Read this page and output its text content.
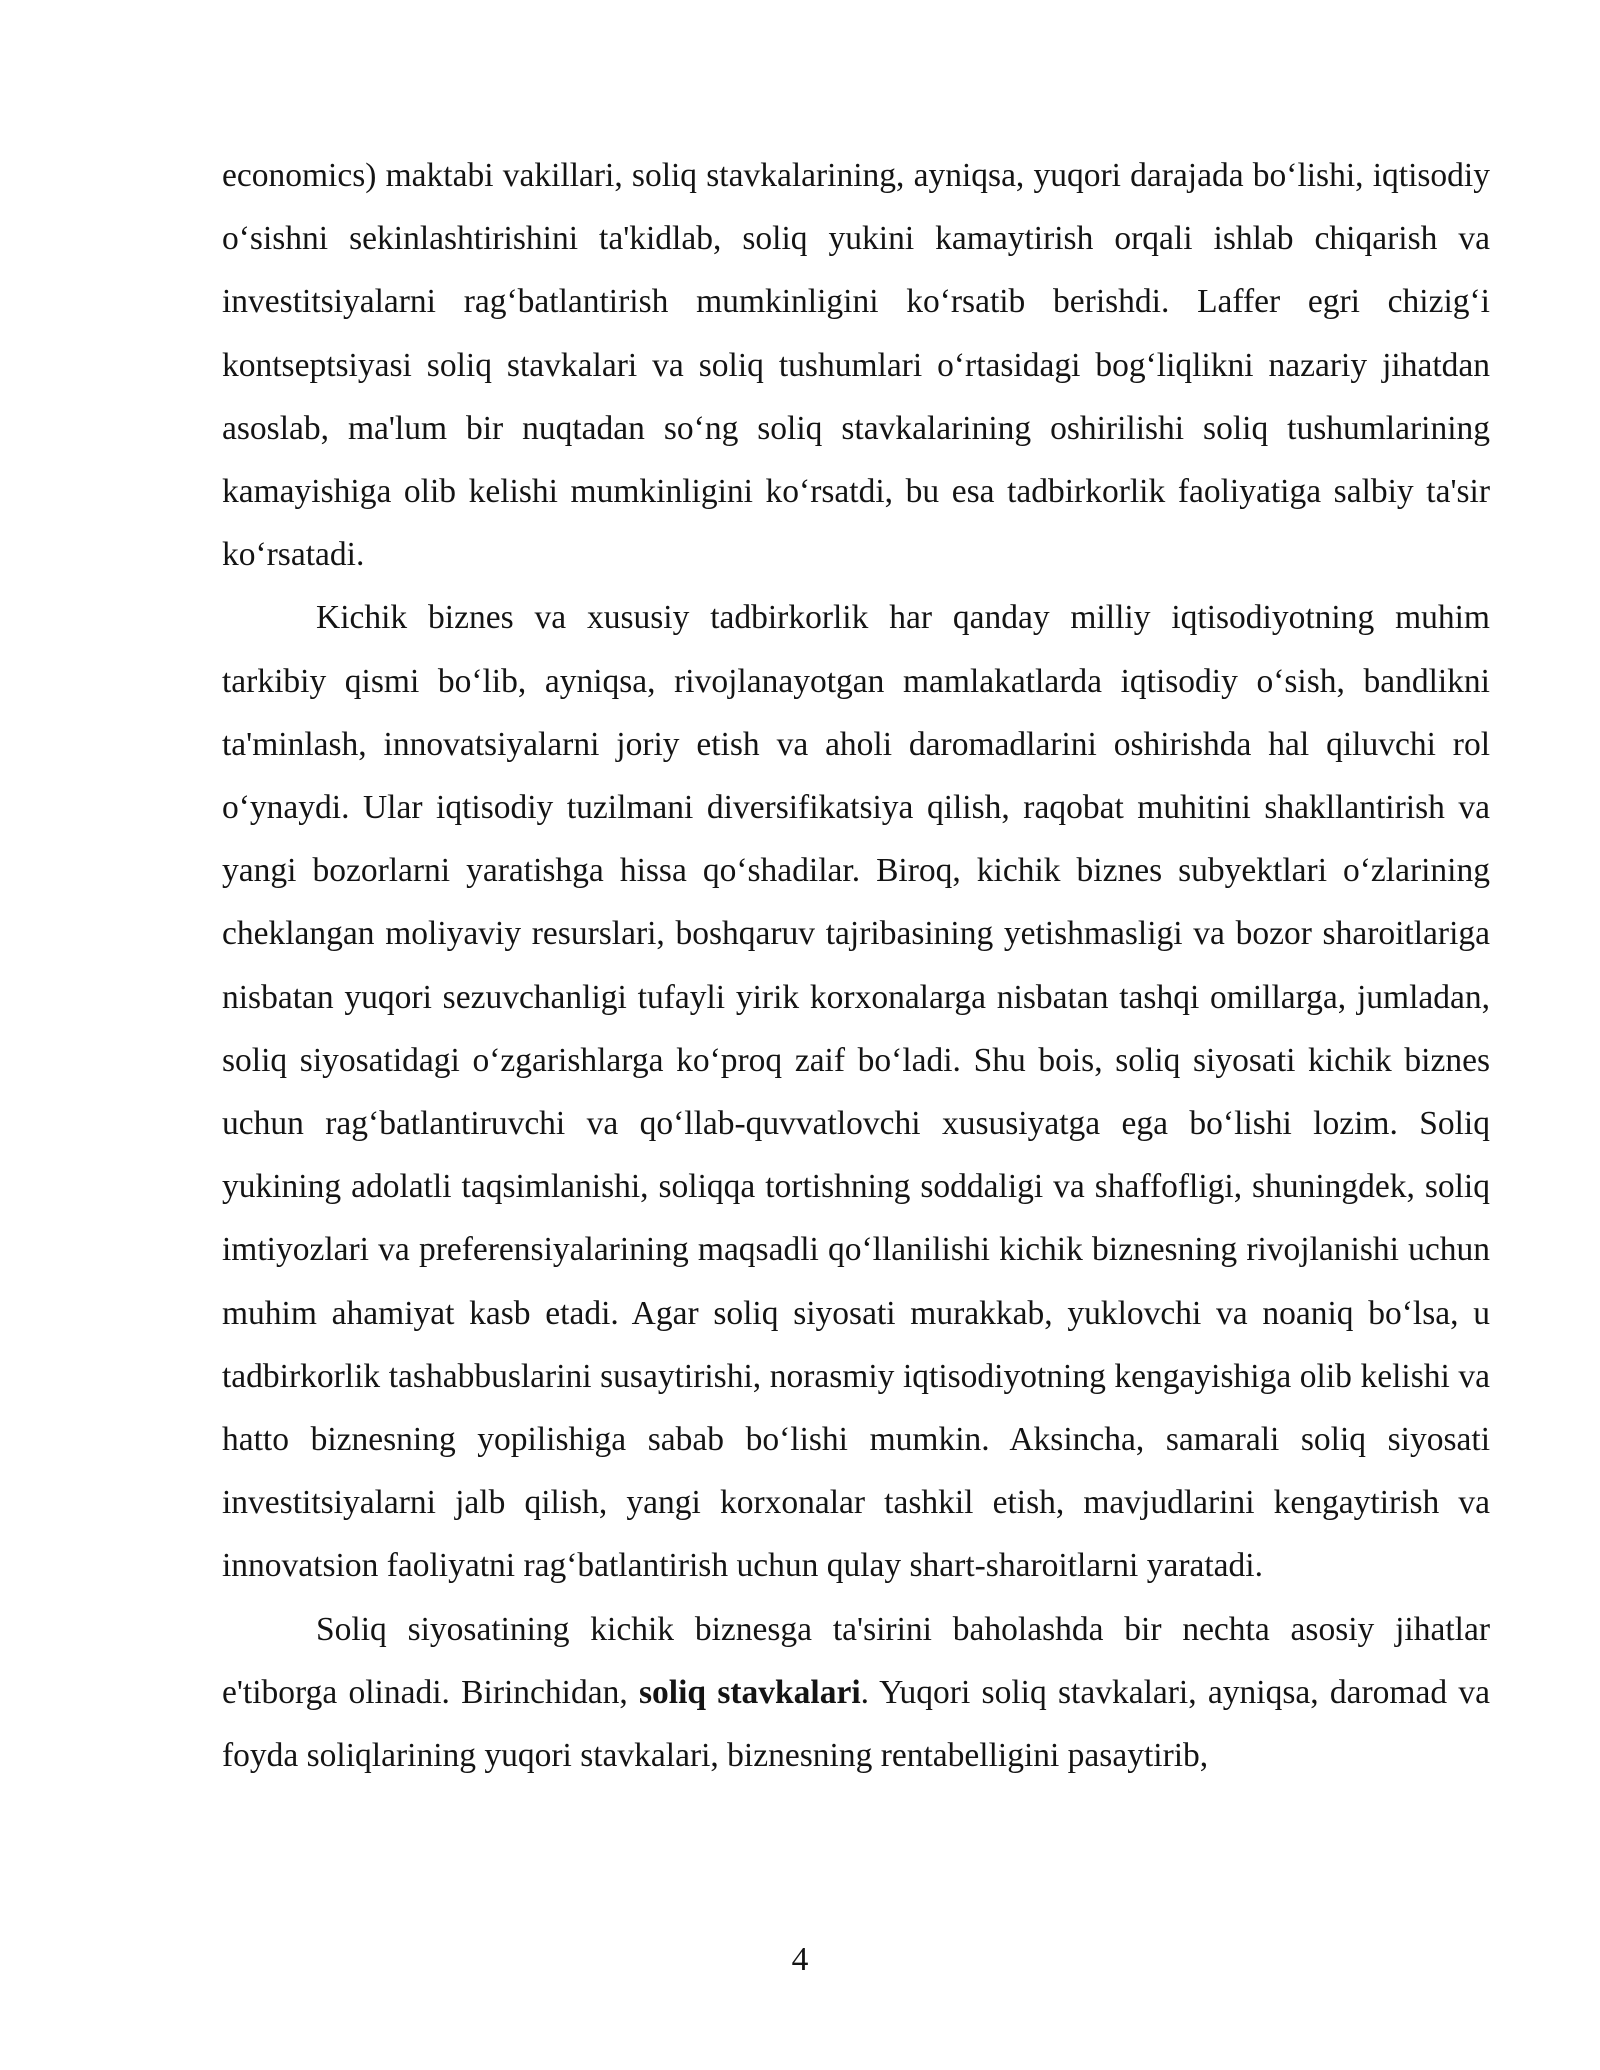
economics) maktabi vakillari, soliq stavkalarining, ayniqsa, yuqori darajada bo‘lishi, iqtisodiy o‘sishni sekinlashtirishini ta'kidlab, soliq yukini kamaytirish orqali ishlab chiqarish va investitsiyalarni rag‘batlantirish mumkinligini ko‘rsatib berishdi. Laffer egri chizig‘i kontseptsiyasi soliq stavkalari va soliq tushumlari o‘rtasidagi bog‘liqlikni nazariy jihatdan asoslab, ma'lum bir nuqtadan so‘ng soliq stavkalarining oshirilishi soliq tushumlarining kamayishiga olib kelishi mumkinligini ko‘rsatdi, bu esa tadbirkorlik faoliyatiga salbiy ta'sir ko‘rsatadi.

Kichik biznes va xususiy tadbirkorlik har qanday milliy iqtisodiyotning muhim tarkibiy qismi bo‘lib, ayniqsa, rivojlanayotgan mamlakatlarda iqtisodiy o‘sish, bandlikni ta'minlash, innovatsiyalarni joriy etish va aholi daromadlarini oshirishda hal qiluvchi rol o‘ynaydi. Ular iqtisodiy tuzilmani diversifikatsiya qilish, raqobat muhitini shakllantirish va yangi bozorlarni yaratishga hissa qo‘shadilar. Biroq, kichik biznes subyektlari o‘zlarining cheklangan moliyaviy resurslari, boshqaruv tajribasining yetishmasligi va bozor sharoitlariga nisbatan yuqori sezuvchanligi tufayli yirik korxonalarga nisbatan tashqi omillarga, jumladan, soliq siyosatidagi o‘zgarishlarga ko‘proq zaif bo‘ladi. Shu bois, soliq siyosati kichik biznes uchun rag‘batlantiruvchi va qo‘llab-quvvatlovchi xususiyatga ega bo‘lishi lozim. Soliq yukining adolatli taqsimlanishi, soliqqa tortishning soddaligi va shaffofligi, shuningdek, soliq imtiyozlari va preferensiyalarining maqsadli qo‘llanilishi kichik biznesning rivojlanishi uchun muhim ahamiyat kasb etadi. Agar soliq siyosati murakkab, yuklovchi va noaniq bo‘lsa, u tadbirkorlik tashabbuslarini susaytirishi, norasmiy iqtisodiyotning kengayishiga olib kelishi va hatto biznesning yopilishiga sabab bo‘lishi mumkin. Aksincha, samarali soliq siyosati investitsiyalarni jalb qilish, yangi korxonalar tashkil etish, mavjudlarini kengaytirish va innovatsion faoliyatni rag‘batlantirish uchun qulay shart-sharoitlarni yaratadi.

Soliq siyosatining kichik biznesga ta'sirini baholashda bir nechta asosiy jihatlar e'tiborga olinadi. Birinchidan, soliq stavkalari. Yuqori soliq stavkalari, ayniqsa, daromad va foyda soliqlarining yuqori stavkalari, biznesning rentabelligini pasaytirib,

4
